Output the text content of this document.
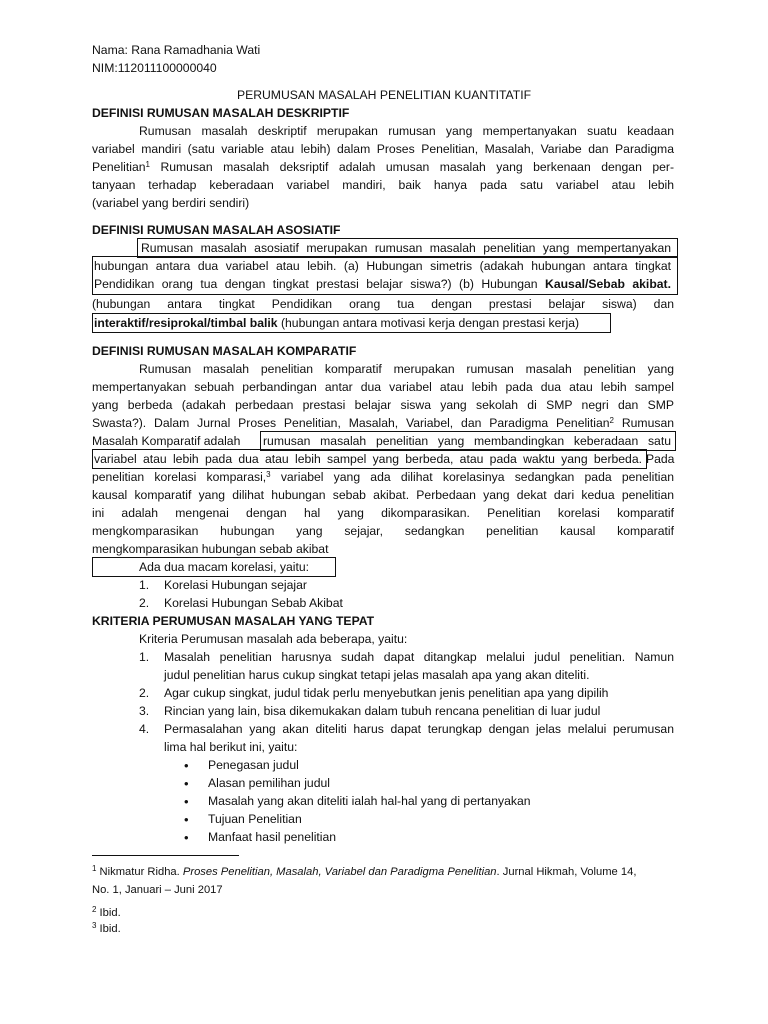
Nama: Rana Ramadhania Wati
NIM:112011100000040
PERUMUSAN MASALAH PENELITIAN KUANTITATIF
DEFINISI RUMUSAN MASALAH DESKRIPTIF
Rumusan masalah deskriptif merupakan rumusan yang mempertanyakan suatu keadaan
variabel mandiri (satu variable atau lebih) dalam Proses Penelitian, Masalah, Variabe dan Paradigma
Penelitian$^1$ Rumusan masalah deksriptif adalah umusan masalah yang berkenaan dengan per-
tanyaan terhadap keberadaan variabel mandiri, baik hanya pada satu variabel atau lebih
(variabel yang berdiri sendiri)
DEFINISI RUMUSAN MASALAH ASOSIATIF
Rumusan masalah asosiatif merupakan rumusan masalah penelitian yang mempertanyakan
hubungan antara dua variabel atau lebih. (a) Hubungan simetris (adakah hubungan antara tingkat
Pendidikan orang tua dengan tingkat prestasi belajar siswa?) (b) Hubungan Kausal/Sebab akibat.
(hubungan antara tingkat Pendidikan orang tua dengan prestasi belajar siswa) dan
interaktif/resiprokal/timbal balik (hubungan antara motivasi kerja dengan prestasi kerja)
DEFINISI RUMUSAN MASALAH KOMPARATIF
Rumusan masalah penelitian komparatif merupakan rumusan masalah penelitian yang
mempertanyakan sebuah perbandingan antar dua variabel atau lebih pada dua atau lebih sampel
yang berbeda (adakah perbedaan prestasi belajar siswa yang sekolah di SMP negri dan SMP
Swasta?). Dalam Jurnal Proses Penelitian, Masalah, Variabel, dan Paradigma Penelitian$^2$ Rumusan
Masalah Komparatif adalah rumusan masalah penelitian yang membandingkan keberadaan satu
variabel atau lebih pada dua atau lebih sampel yang berbeda, atau pada waktu yang berbeda. Pada
penelitian korelasi komparasi,$^3$ variabel yang ada dilihat korelasinya sedangkan pada penelitian
kausal komparatif yang dilihat hubungan sebab akibat. Perbedaan yang dekat dari kedua penelitian
ini adalah mengenai dengan hal yang dikomparasikan. Penelitian korelasi komparatif
mengkomparasikan hubungan yang sejajar, sedangkan penelitian kausal komparatif
mengkomparasikan hubungan sebab akibat
Ada dua macam korelasi, yaitu:
1. Korelasi Hubungan sejajar
2. Korelasi Hubungan Sebab Akibat
KRITERIA PERUMUSAN MASALAH YANG TEPAT
Kriteria Perumusan masalah ada beberapa, yaitu:
1. Masalah penelitian harusnya sudah dapat ditangkap melalui judul penelitian. Namun
judul penelitian harus cukup singkat tetapi jelas masalah apa yang akan diteliti.
2. Agar cukup singkat, judul tidak perlu menyebutkan jenis penelitian apa yang dipilih
3. Rincian yang lain, bisa dikemukakan dalam tubuh rencana penelitian di luar judul
4. Permasalahan yang akan diteliti harus dapat terungkap dengan jelas melalui perumusan
lima hal berikut ini, yaitu:
• Penegasan judul
• Alasan pemilihan judul
• Masalah yang akan diteliti ialah hal-hal yang di pertanyakan
• Tujuan Penelitian
• Manfaat hasil penelitian
$^1$ Nikmatur Ridha. Proses Penelitian, Masalah, Variabel dan Paradigma Penelitian. Jurnal Hikmah, Volume 14,
No. 1, Januari – Juni 2017
$^2$ Ibid.
$^3$ Ibid.
